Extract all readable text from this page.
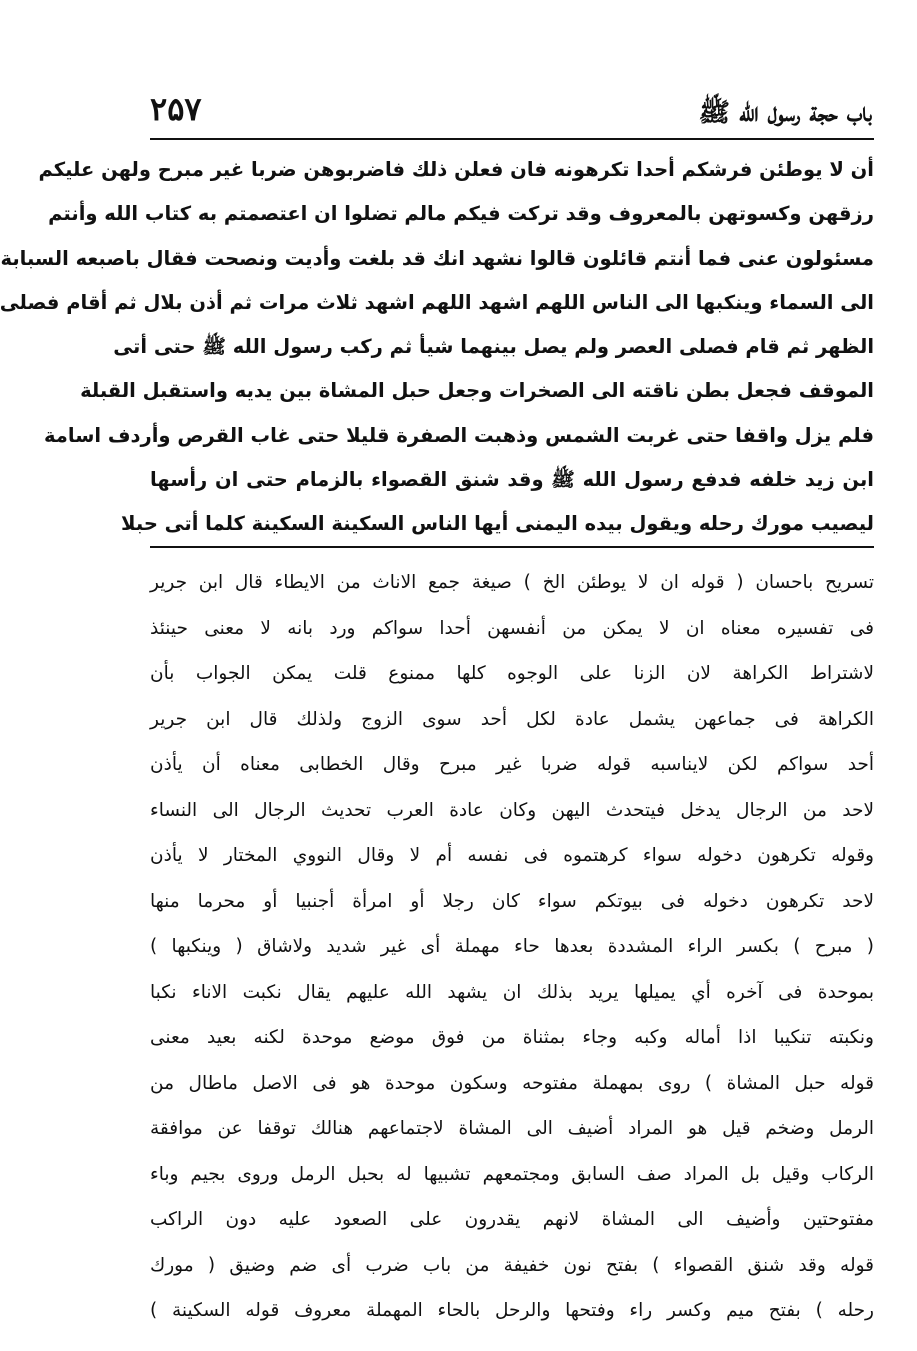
باب حجة رسول الله ﷺ
۲۵۷
أن لا يوطئن فرشكم أحدا تكرهونه فان فعلن ذلك فاضربوهن ضربا غير مبرح ولهن عليكم
رزقهن وكسوتهن بالمعروف وقد تركت فيكم مالم تضلوا ان اعتصمتم به كتاب الله وأنتم
مسئولون عنى فما أنتم قائلون قالوا نشهد انك قد بلغت وأديت ونصحت فقال باصبعه السبابة
الى السماء وينكبها الى الناس اللهم اشهد اللهم اشهد ثلاث مرات ثم أذن بلال ثم أقام فصلى
الظهر ثم قام فصلى العصر ولم يصل بينهما شيأ ثم ركب رسول الله ﷺ حتى أتى
الموقف فجعل بطن ناقته الى الصخرات وجعل حبل المشاة بين يديه واستقبل القبلة
فلم يزل واقفا حتى غربت الشمس وذهبت الصفرة قليلا حتى غاب القرص وأردف اسامة
ابن زيد خلفه فدفع رسول الله ﷺ وقد شنق القصواء بالزمام حتى ان رأسها
ليصيب مورك رحله ويقول بيده اليمنى أيها الناس السكينة السكينة كلما أتى حبلا
تسريح باحسان ( قوله ان لا يوطئن الخ ) صيغة جمع الاناث من الايطاء قال ابن جرير
فى تفسيره معناه ان لا يمكن من أنفسهن أحدا سواكم ورد بانه لا معنى حينئذ
لاشتراط الكراهة لان الزنا على الوجوه كلها ممنوع قلت يمكن الجواب بأن
الكراهة فى جماعهن يشمل عادة لكل أحد سوى الزوج ولذلك قال ابن جرير
أحد سواكم لكن لايناسبه قوله ضربا غير مبرح وقال الخطابى معناه أن يأذن
لاحد من الرجال يدخل فيتحدث اليهن وكان عادة العرب تحديث الرجال الى النساء
وقوله تكرهون دخوله سواء كرهتموه فى نفسه أم لا وقال النووي المختار لا يأذن
لاحد تكرهون دخوله فى بيوتكم سواء كان رجلا أو امرأة أجنبيا أو محرما منها
( مبرح ) بكسر الراء المشددة بعدها حاء مهملة أى غير شديد ولاشاق ( وينكبها )
بموحدة فى آخره أي يميلها يريد بذلك ان يشهد الله عليهم يقال نكبت الاناء نكبا
ونكبته تنكيبا اذا أماله وكبه وجاء بمثناة من فوق موضع موحدة لكنه بعيد معنى
قوله حبل المشاة ) روى بمهملة مفتوحه وسكون موحدة هو فى الاصل ماطال من
الرمل وضخم قيل هو المراد أضيف الى المشاة لاجتماعهم هنالك توقفا عن موافقة
الركاب وقيل بل المراد صف السابق ومجتمعهم تشبيها له بحبل الرمل وروى بجيم وباء
مفتوحتين وأضيف الى المشاة لانهم يقدرون على الصعود عليه دون الراكب
قوله وقد شنق القصواء ) بفتح نون خفيفة من باب ضرب أى ضم وضيق ( مورك
رحله ) بفتح ميم وكسر راء وفتحها والرحل بالحاء المهملة معروف قوله السكينة )
